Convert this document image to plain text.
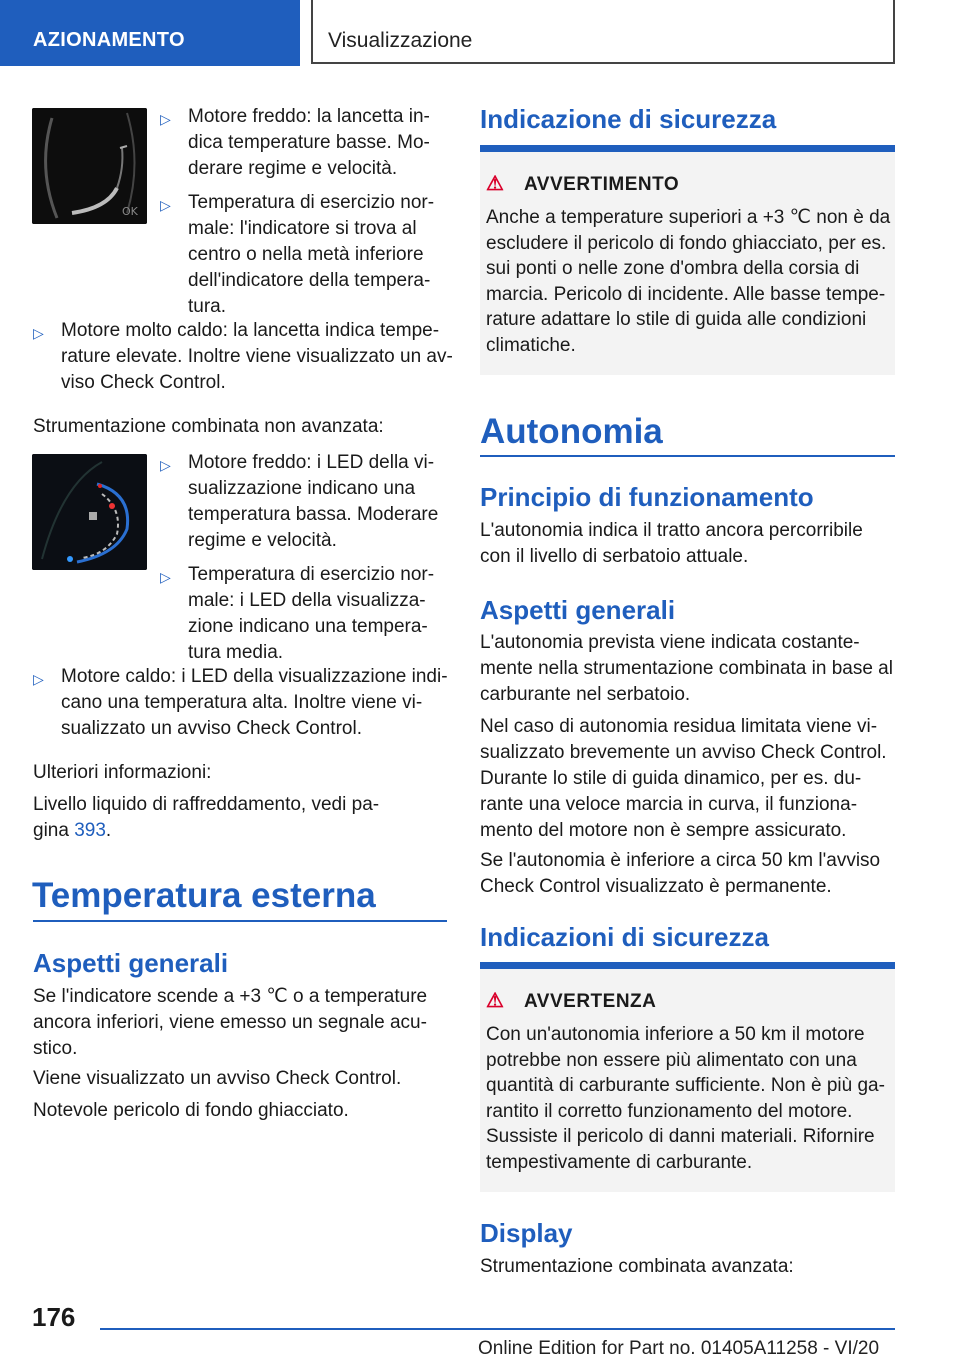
AZIONAMENTO	Visualizzazione
OK
▷ Motore freddo: la lancetta in-dica temperature basse. Mo-derare regime e velocità.
▷ Temperatura di esercizio nor-male: l'indicatore si trova al centro o nella metà inferiore dell'indicatore della tempera-tura.
▷ Motore molto caldo: la lancetta indica tempe-rature elevate. Inoltre viene visualizzato un av-viso Check Control.

Strumentazione combinata non avanzata:

▷ Motore freddo: i LED della vi-sualizzazione indicano una temperatura bassa. Moderare regime e velocità.
▷ Temperatura di esercizio nor-male: i LED della visualizza-zione indicano una tempera-tura media.
▷ Motore caldo: i LED della visualizzazione indi-cano una temperatura alta. Inoltre viene vi-sualizzato un avviso Check Control.

Ulteriori informazioni:

Livello liquido di raffreddamento, vedi pa-gina 393.

Temperatura esterna
Aspetti generali

Se l'indicatore scende a +3 ℃ o a temperature ancora inferiori, viene emesso un segnale acu-stico.

Viene visualizzato un avviso Check Control.

Notevole pericolo di fondo ghiacciato.

Indicazione di sicurezza
⚠ AVVERTIMENTO
Anche a temperature superiori a +3 ℃ non è da escludere il pericolo di fondo ghiacciato, per es. sui ponti o nelle zone d'ombra della corsia di marcia. Pericolo di incidente. Alle basse tempe-rature adattare lo stile di guida alle condizioni climatiche.
Autonomia
Principio di funzionamento

L'autonomia indica il tratto ancora percorribile con il livello di serbatoio attuale.

Aspetti generali

L'autonomia prevista viene indicata costante-mente nella strumentazione combinata in base al carburante nel serbatoio.

Nel caso di autonomia residua limitata viene vi-sualizzato brevemente un avviso Check Control. Durante lo stile di guida dinamico, per es. du-rante una veloce marcia in curva, il funziona-mento del motore non è sempre assicurato.

Se l'autonomia è inferiore a circa 50 km l'avviso Check Control visualizzato è permanente.

Indicazioni di sicurezza
⚠ AVVERTENZA
Con un'autonomia inferiore a 50 km il motore potrebbe non essere più alimentato con una quantità di carburante sufficiente. Non è più ga-rantito il corretto funzionamento del motore. Sussiste il pericolo di danni materiali. Rifornire tempestivamente di carburante.
Display

Strumentazione combinata avanzata:

176
Online Edition for Part no. 01405A11258 - VI/20
